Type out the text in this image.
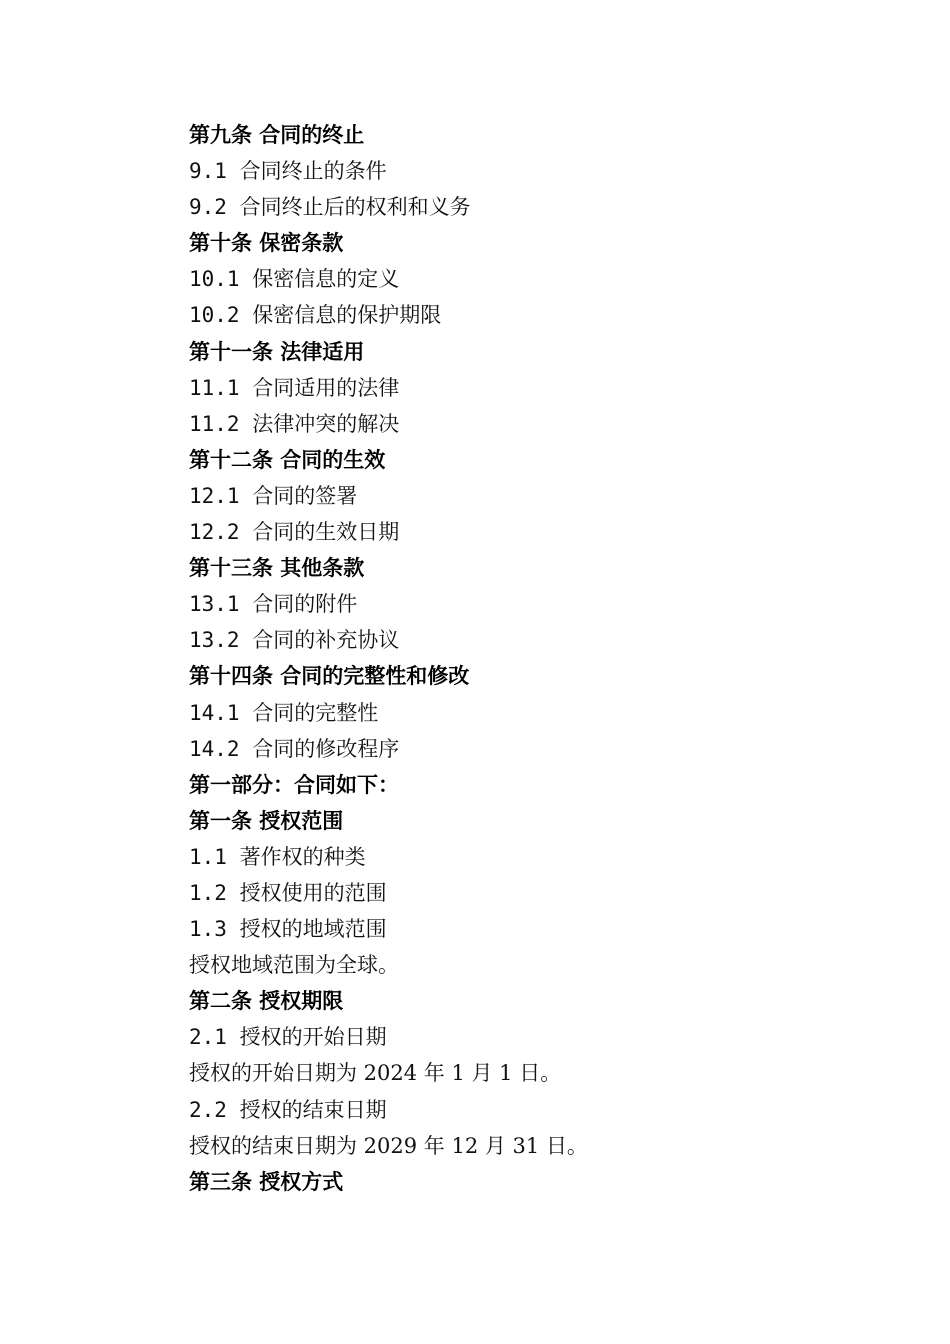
第九条 合同的终止
9.1 合同终止的条件
9.2 合同终止后的权利和义务
第十条 保密条款
10.1 保密信息的定义
10.2 保密信息的保护期限
第十一条 法律适用
11.1 合同适用的法律
11.2 法律冲突的解决
第十二条 合同的生效
12.1 合同的签署
12.2 合同的生效日期
第十三条 其他条款
13.1 合同的附件
13.2 合同的补充协议
第十四条 合同的完整性和修改
14.1 合同的完整性
14.2 合同的修改程序
第一部分：合同如下：
第一条 授权范围
1.1 著作权的种类
1.2 授权使用的范围
1.3 授权的地域范围
授权地域范围为全球。
第二条 授权期限
2.1 授权的开始日期
授权的开始日期为 2024 年 1 月 1 日。
2.2 授权的结束日期
授权的结束日期为 2029 年 12 月 31 日。
第三条 授权方式
